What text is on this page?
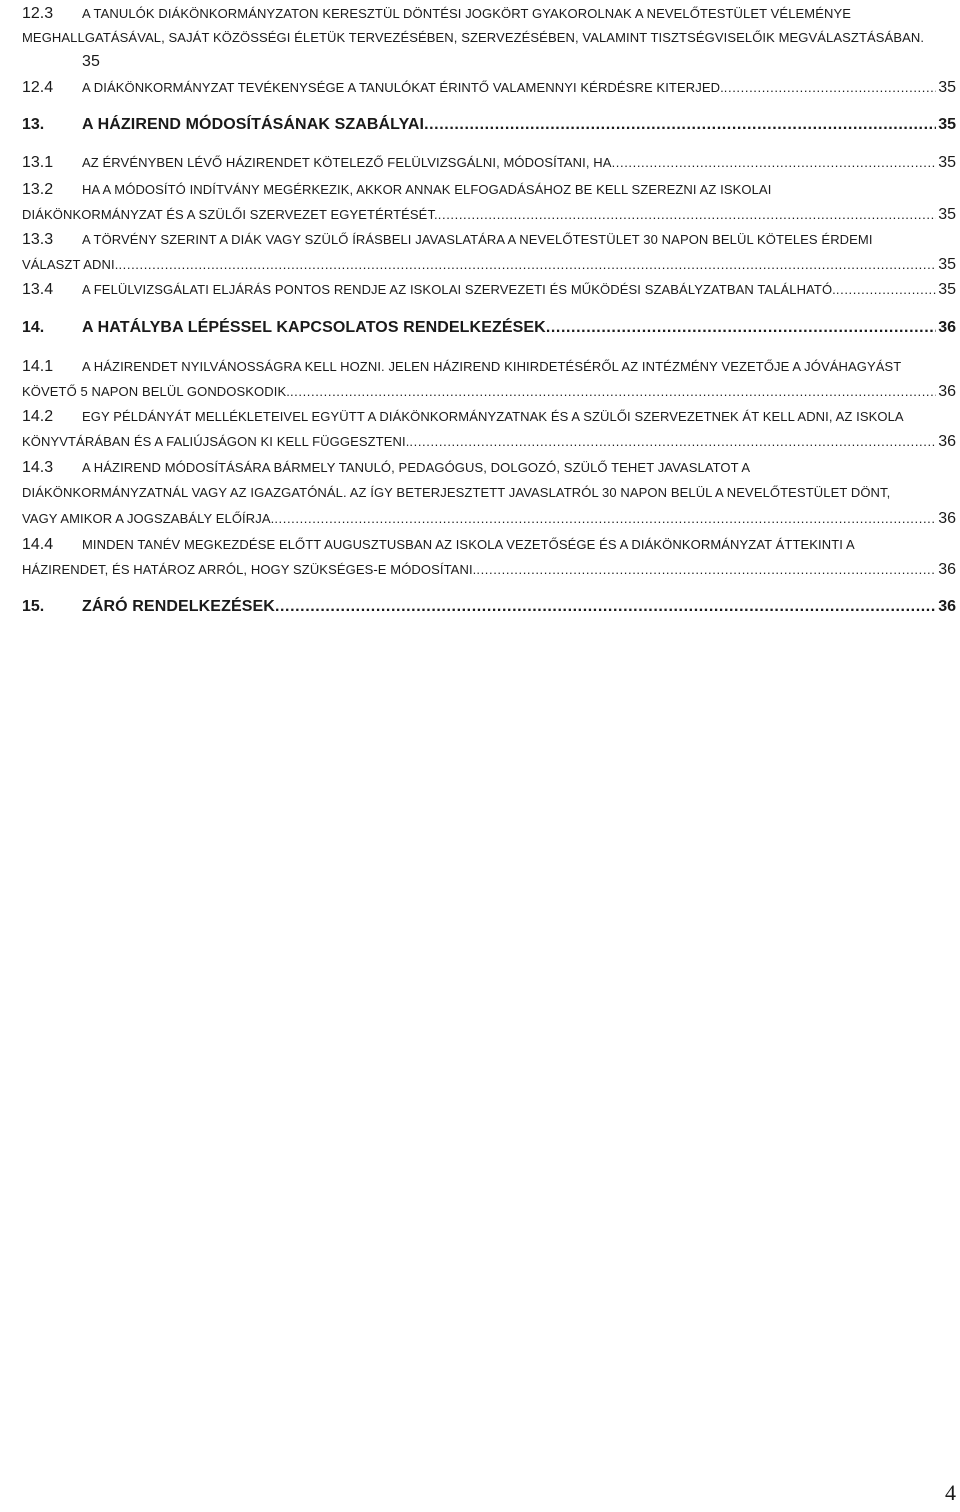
12.3	A TANULÓK DIÁKÖNKORMÁNYZATON KERESZTÜL DÖNTÉSI JOGKÖRT GYAKOROLNAK A NEVELŐTESTÜLET VÉLEMÉNYE
MEGHALLGATÁSÁVAL, SAJÁT KÖZÖSSÉGI ÉLETÜK TERVEZÉSÉBEN, SZERVEZÉSÉBEN, VALAMINT TISZTSÉGVISELŐIK MEGVÁLASZTÁSÁBAN.
35
12.4 A DIÁKÖNKORMÁNYZAT TEVÉKENYSÉGE A TANULÓKAT ÉRINTŐ VALAMENNYI KÉRDÉSRE KITERJED. .....	35
13. A HÁZIREND MÓDOSÍTÁSÁNAK SZABÁLYAI .....	35
13.1 AZ ÉRVÉNYBEN LÉVŐ HÁZIRENDET KÖTELEZŐ FELÜLVIZSGÁLNI, MÓDOSÍTANI, HA .....	35
13.2	HA A MÓDOSÍTÓ INDÍTVÁNY MEGÉRKEZIK, AKKOR ANNAK ELFOGADÁSÁHOZ BE KELL SZEREZNI AZ ISKOLAI
DIÁKÖNKORMÁNYZAT ÉS A SZÜLŐI SZERVEZET EGYETÉRTÉSÉT. .....	35
13.3	A TÖRVÉNY SZERINT A DIÁK VAGY SZÜLŐ ÍRÁSBELI JAVASLATÁRA A NEVELŐTESTÜLET 30 NAPON BELÜL KÖTELES ÉRDEMI
VÁLASZT ADNI. .....	35
13.4 A FELÜLVIZSGÁLATI ELJÁRÁS PONTOS RENDJE AZ ISKOLAI SZERVEZETI ÉS MŰKÖDÉSI SZABÁLYZATBAN TALÁLHATÓ. .....	35
14. A HATÁLYBA LÉPÉSSEL KAPCSOLATOS RENDELKEZÉSEK .....	36
14.1	A HÁZIRENDET NYILVÁNOSSÁGRA KELL HOZNI. JELEN HÁZIREND KIHIRDETÉSÉRŐL AZ INTÉZMÉNY VEZETŐJE A JÓVÁHAGYÁST
KÖVETŐ 5 NAPON BELÜL GONDOSKODIK. .....	36
14.2	EGY PÉLDÁNYÁT MELLÉKLETEIVEL EGYÜTT A DIÁKÖNKORMÁNYZATNAK ÉS A SZÜLŐI SZERVEZETNEK ÁT KELL ADNI, AZ ISKOLA
KÖNYVTÁRÁBAN ÉS A FALIÚJSÁGON KI KELL FÜGGESZTENI. .....	36
14.3	A HÁZIREND MÓDOSÍTÁSÁRA BÁRMELY TANULÓ, PEDAGÓGUS, DOLGOZÓ, SZÜLŐ TEHET JAVASLATOT A
DIÁKÖNKORMÁNYZATNÁL VAGY AZ IGAZGATÓNÁL. AZ ÍGY BETERJESZTETT JAVASLATRÓL 30 NAPON BELÜL A NEVELŐTESTÜLET DÖNT,
VAGY AMIKOR A JOGSZABÁLY ELŐÍRJA. .....	36
14.4	MINDEN TANÉV MEGKEZDÉSE ELŐTT AUGUSZTUSBAN AZ ISKOLA VEZETŐSÉGE ÉS A DIÁKÖNKORMÁNYZAT ÁTTEKINTI A
HÁZIRENDET, ÉS HATÁROZ ARRÓL, HOGY SZÜKSÉGES-E MÓDOSÍTANI. .....	36
15. ZÁRÓ RENDELKEZÉSEK .....	36
4
